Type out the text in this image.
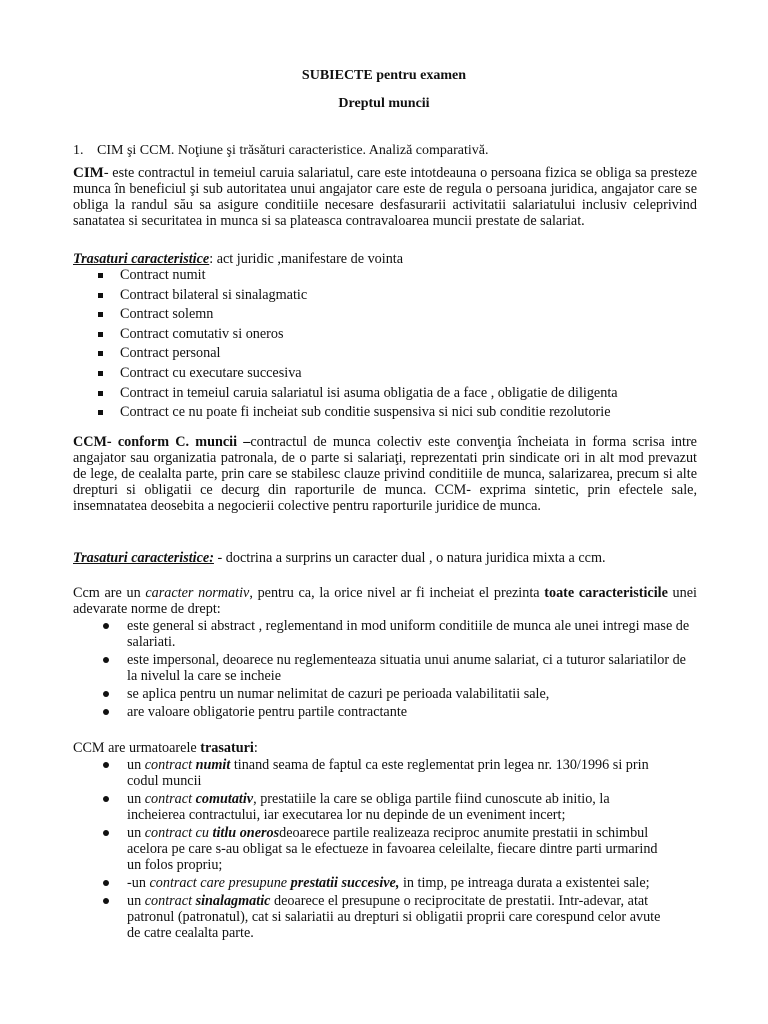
SUBIECTE pentru examen
Dreptul muncii
1. CIM şi CCM. Noţiune şi trăsături caracteristice. Analiză comparativă.
CIM- este contractul in temeiul caruia salariatul, care este intotdeauna o persoana fizica se obliga sa presteze munca în beneficiul şi sub autoritatea unui angajator care este de regula o persoana juridica, angajator care se obliga la randul său sa asigure conditiile necesare desfasurarii activitatii salariatului inclusiv celeprivind sanatatea si securitatea in munca si sa plateasca contravaloarea muncii prestate de salariat.
Trasaturi caracteristice: act juridic ,manifestare de vointa
Contract numit
Contract bilateral si sinalagmatic
Contract solemn
Contract comutativ si oneros
Contract personal
Contract cu executare succesiva
Contract in temeiul caruia salariatul isi asuma obligatia de a face , obligatie de diligenta
Contract ce nu poate fi incheiat sub conditie suspensiva si nici sub conditie rezolutorie
CCM- conform C. muncii –contractul de munca colectiv este convenţia încheiata in forma scrisa intre angajator sau organizatia patronala, de o parte si salariaţi, reprezentati prin sindicate ori in alt mod prevazut de lege, de cealalta parte, prin care se stabilesc clauze privind conditiile de munca, salarizarea, precum si alte drepturi si obligatii ce decurg din raporturile de munca. CCM- exprima sintetic, prin efectele sale, insemnatatea deosebita a negocierii colective pentru raporturile juridice de munca.
Trasaturi caracteristice: - doctrina a surprins un caracter dual , o natura juridica mixta a ccm.
Ccm are un caracter normativ, pentru ca, la orice nivel ar fi incheiat el prezinta toate caracteristicile unei adevarate norme de drept:
este general si abstract , reglementand in mod uniform conditiile de munca ale unei intregi mase de salariati.
este impersonal, deoarece nu reglementeaza situatia unui anume salariat, ci a tuturor salariatilor de la nivelul la care se incheie
se aplica pentru un numar nelimitat de cazuri pe perioada valabilitatii sale,
are valoare obligatorie pentru partile contractante
CCM are urmatoarele trasaturi:
un contract numit tinand seama de faptul ca este reglementat prin legea nr. 130/1996 si prin codul muncii
un contract comutativ, prestatiile la care se obliga partile fiind cunoscute ab initio, la incheierea contractului, iar executarea lor nu depinde de un eveniment incert;
un contract cu titlu onerosdeoarece partile realizeaza reciproc anumite prestatii in schimbul acelora pe care s-au obligat sa le efectueze in favoarea celeilalte, fiecare dintre parti urmarind un folos propriu;
-un contract care presupune prestatii succesive, in timp, pe intreaga durata a existentei sale;
un contract sinalagmatic deoarece el presupune o reciprocitate de prestatii. Intr-adevar, atat patronul (patronatul), cat si salariatii au drepturi si obligatii proprii care corespund celor avute de catre cealalta parte.
